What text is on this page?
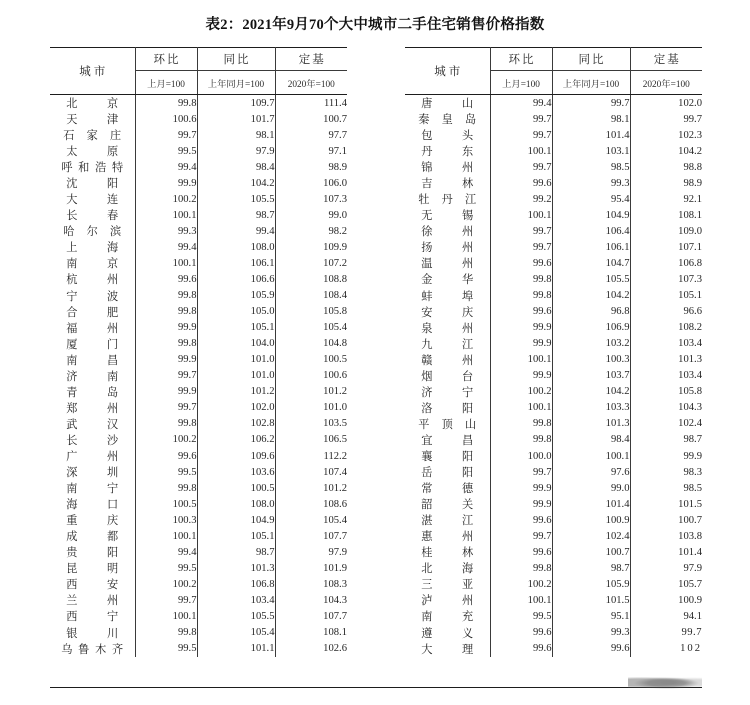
表2：2021年9月70个大中城市二手住宅销售价格指数
城市	环比	同比	定基
	上月=100	上年同月=100	2020年=100
北京	99.8	109.7	111.4
天津	100.6	101.7	100.7
石家庄	99.7	98.1	97.7
太原	99.5	97.9	97.1
呼和浩特	99.4	98.4	98.9
沈阳	99.9	104.2	106.0
大连	100.2	105.5	107.3
长春	100.1	98.7	99.0
哈尔滨	99.3	99.4	98.2
上海	99.4	108.0	109.9
南京	100.1	106.1	107.2
杭州	99.6	106.6	108.8
宁波	99.8	105.9	108.4
合肥	99.8	105.0	105.8
福州	99.9	105.1	105.4
厦门	99.8	104.0	104.8
南昌	99.9	101.0	100.5
济南	99.7	101.0	100.6
青岛	99.9	101.2	101.2
郑州	99.7	102.0	101.0
武汉	99.8	102.8	103.5
长沙	100.2	106.2	106.5
广州	99.6	109.6	112.2
深圳	99.5	103.6	107.4
南宁	99.8	100.5	101.2
海口	100.5	108.0	108.6
重庆	100.3	104.9	105.4
成都	100.1	105.1	107.7
贵阳	99.4	98.7	97.9
昆明	99.5	101.3	101.9
西安	100.2	106.8	108.3
兰州	99.7	103.4	104.3
西宁	100.1	105.5	107.7
银川	99.8	105.4	108.1
乌鲁木齐	99.5	101.1	102.6
城市	环比	同比	定基
	上月=100	上年同月=100	2020年=100
唐山	99.4	99.7	102.0
秦皇岛	99.7	98.1	99.7
包头	99.7	101.4	102.3
丹东	100.1	103.1	104.2
锦州	99.7	98.5	98.8
吉林	99.6	99.3	98.9
牡丹江	99.2	95.4	92.1
无锡	100.1	104.9	108.1
徐州	99.7	106.4	109.0
扬州	99.7	106.1	107.1
温州	99.6	104.7	106.8
金华	99.8	105.5	107.3
蚌埠	99.8	104.2	105.1
安庆	99.6	96.8	96.6
泉州	99.9	106.9	108.2
九江	99.9	103.2	103.4
赣州	100.1	100.3	101.3
烟台	99.9	103.7	103.4
济宁	100.2	104.2	105.8
洛阳	100.1	103.3	104.3
平顶山	99.8	101.3	102.4
宜昌	99.8	98.4	98.7
襄阳	100.0	100.1	99.9
岳阳	99.7	97.6	98.3
常德	99.9	99.0	98.5
韶关	99.9	101.4	101.5
湛江	99.6	100.9	100.7
惠州	99.7	102.4	103.8
桂林	99.6	100.7	101.4
北海	99.8	98.7	97.9
三亚	100.2	105.9	105.7
泸州	100.1	101.5	100.9
南充	99.5	95.1	94.1
遵义	99.6	99.3	99.7
大理	99.6	99.6	102
